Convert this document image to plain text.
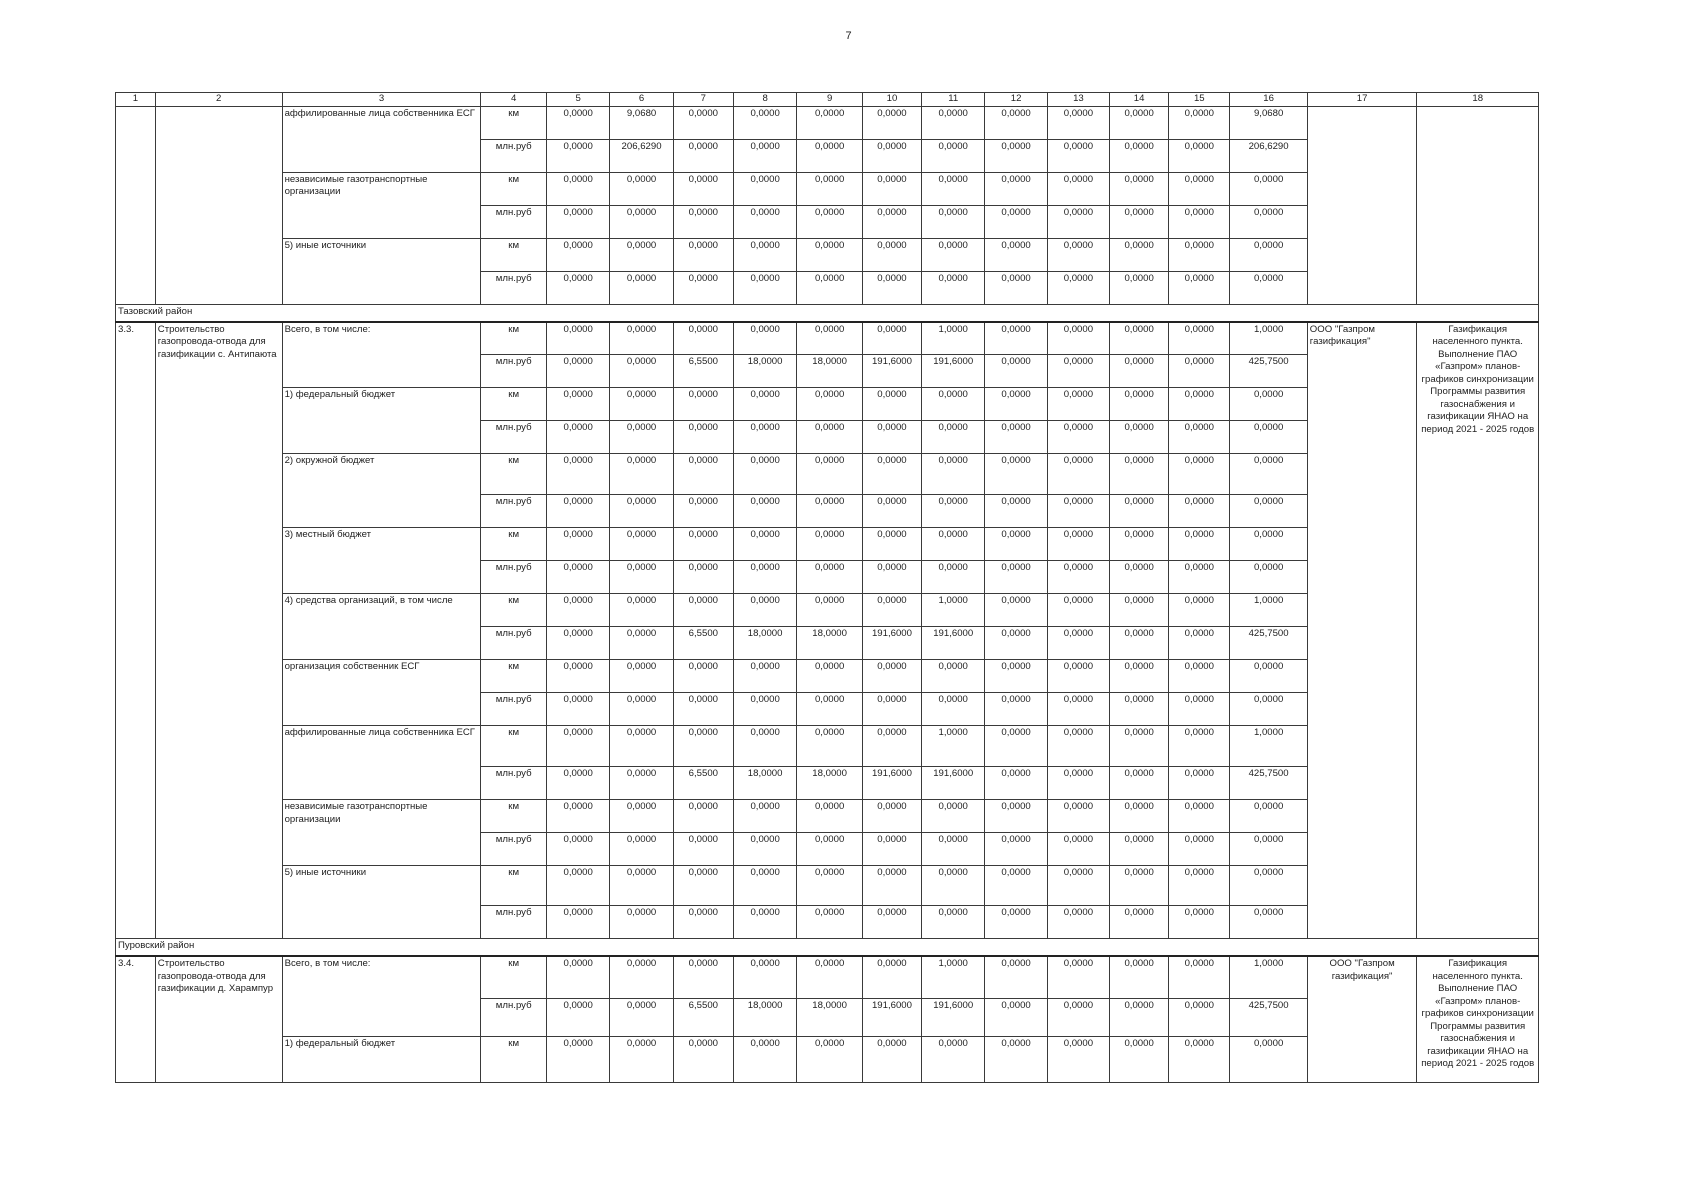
7
1	2	3	4	5	6	7	8	9	10	11	12	13	14	15	16	17	18
		аффилированные лица собственника ЕСГ	км	0,0000	9,0680	0,0000	0,0000	0,0000	0,0000	0,0000	0,0000	0,0000	0,0000	0,0000	9,0680		
			млн.руб	0,0000	206,6290	0,0000	0,0000	0,0000	0,0000	0,0000	0,0000	0,0000	0,0000	0,0000	206,6290		
		независимые газотранспортные организации	км	0,0000	0,0000	0,0000	0,0000	0,0000	0,0000	0,0000	0,0000	0,0000	0,0000	0,0000	0,0000		
			млн.руб	0,0000	0,0000	0,0000	0,0000	0,0000	0,0000	0,0000	0,0000	0,0000	0,0000	0,0000	0,0000		
		5) иные источники	км	0,0000	0,0000	0,0000	0,0000	0,0000	0,0000	0,0000	0,0000	0,0000	0,0000	0,0000	0,0000		
			млн.руб	0,0000	0,0000	0,0000	0,0000	0,0000	0,0000	0,0000	0,0000	0,0000	0,0000	0,0000	0,0000		
Тазовский район																	
3.3.	Строительство газопровода-отвода для газификации с. Антипаюта	Всего, в том числе:	км	0,0000	0,0000	0,0000	0,0000	0,0000	0,0000	1,0000	0,0000	0,0000	0,0000	0,0000	1,0000	ООО "Газпром газификация"	Газификация населенного пункта. Выполнение ПАО «Газпром» планов-графиков синхронизации Программы развития газоснабжения и газификации ЯНАО на период 2021 - 2025 годов
			млн.руб	0,0000	0,0000	6,5500	18,0000	18,0000	191,6000	191,6000	0,0000	0,0000	0,0000	0,0000	425,7500		
		1) федеральный бюджет	км	0,0000	0,0000	0,0000	0,0000	0,0000	0,0000	0,0000	0,0000	0,0000	0,0000	0,0000	0,0000		
			млн.руб	0,0000	0,0000	0,0000	0,0000	0,0000	0,0000	0,0000	0,0000	0,0000	0,0000	0,0000	0,0000		
		2) окружной бюджет	км	0,0000	0,0000	0,0000	0,0000	0,0000	0,0000	0,0000	0,0000	0,0000	0,0000	0,0000	0,0000		
			млн.руб	0,0000	0,0000	0,0000	0,0000	0,0000	0,0000	0,0000	0,0000	0,0000	0,0000	0,0000	0,0000		
		3) местный бюджет	км	0,0000	0,0000	0,0000	0,0000	0,0000	0,0000	0,0000	0,0000	0,0000	0,0000	0,0000	0,0000		
			млн.руб	0,0000	0,0000	0,0000	0,0000	0,0000	0,0000	0,0000	0,0000	0,0000	0,0000	0,0000	0,0000		
		4) средства организаций, в том числе	км	0,0000	0,0000	0,0000	0,0000	0,0000	0,0000	1,0000	0,0000	0,0000	0,0000	0,0000	1,0000		
			млн.руб	0,0000	0,0000	6,5500	18,0000	18,0000	191,6000	191,6000	0,0000	0,0000	0,0000	0,0000	425,7500		
		организация собственник ЕСГ	км	0,0000	0,0000	0,0000	0,0000	0,0000	0,0000	0,0000	0,0000	0,0000	0,0000	0,0000	0,0000		
			млн.руб	0,0000	0,0000	0,0000	0,0000	0,0000	0,0000	0,0000	0,0000	0,0000	0,0000	0,0000	0,0000		
		аффилированные лица собственника ЕСГ	км	0,0000	0,0000	0,0000	0,0000	0,0000	0,0000	1,0000	0,0000	0,0000	0,0000	0,0000	1,0000		
			млн.руб	0,0000	0,0000	6,5500	18,0000	18,0000	191,6000	191,6000	0,0000	0,0000	0,0000	0,0000	425,7500		
		независимые газотранспортные организации	км	0,0000	0,0000	0,0000	0,0000	0,0000	0,0000	0,0000	0,0000	0,0000	0,0000	0,0000	0,0000		
			млн.руб	0,0000	0,0000	0,0000	0,0000	0,0000	0,0000	0,0000	0,0000	0,0000	0,0000	0,0000	0,0000		
		5) иные источники	км	0,0000	0,0000	0,0000	0,0000	0,0000	0,0000	0,0000	0,0000	0,0000	0,0000	0,0000	0,0000		
			млн.руб	0,0000	0,0000	0,0000	0,0000	0,0000	0,0000	0,0000	0,0000	0,0000	0,0000	0,0000	0,0000		
Пуровский район																	
3.4.	Строительство газопровода-отвода для газификации д. Харампур	Всего, в том числе:	км	0,0000	0,0000	0,0000	0,0000	0,0000	0,0000	1,0000	0,0000	0,0000	0,0000	0,0000	1,0000	ООО "Газпром газификация"	Газификация населенного пункта. Выполнение ПАО «Газпром» планов-графиков синхронизации Программы развития газоснабжения и газификации ЯНАО на период 2021 - 2025 годов
			млн.руб	0,0000	0,0000	6,5500	18,0000	18,0000	191,6000	191,6000	0,0000	0,0000	0,0000	0,0000	425,7500		
		1) федеральный бюджет	км	0,0000	0,0000	0,0000	0,0000	0,0000	0,0000	0,0000	0,0000	0,0000	0,0000	0,0000	0,0000		
